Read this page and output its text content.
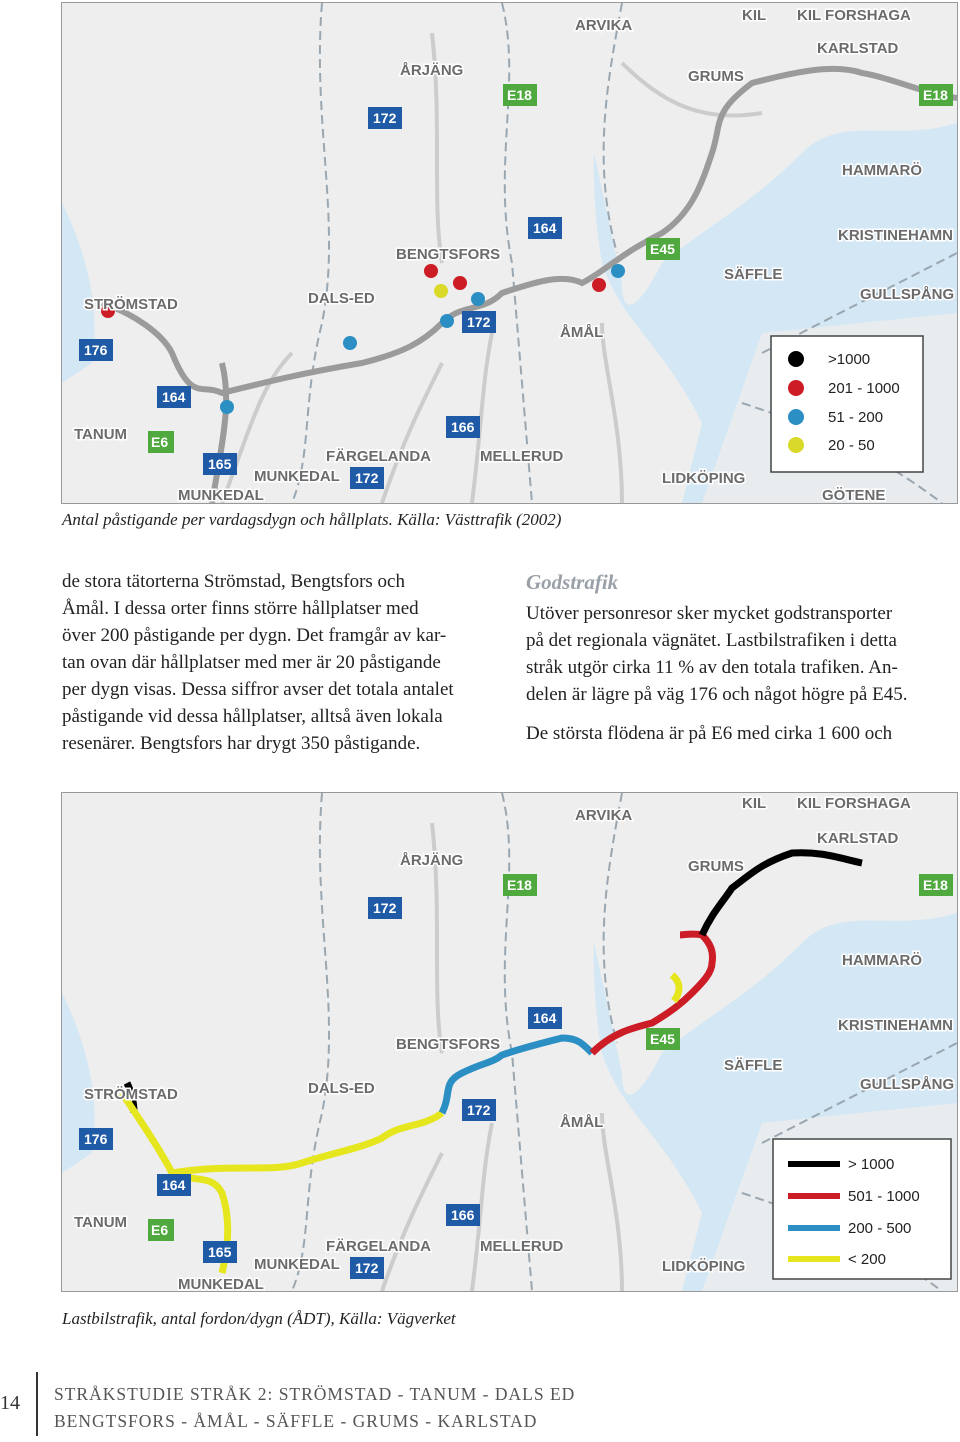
ARVIKA
KIL KIL FORSHAGA
KARLSTAD
ÅRJÄNG	GRUMS
HAMMARÖ
KRISTINEHAMN
BENGTSFORS
SÄFFLE
GULLSPÅNG
STRÖMSTAD	DALS-ED
ÅMÅL
TANUM
FÄRGELANDA	MELLERUD
LIDKÖPING
MUNKEDAL
MUNKEDAL	GÖTENE
E18	E18
172
164
E45
172
176
164
166
E6
165
172
>1000
201 - 1000
51 - 200
20 - 50
Antal påstigande per vardagsdygn och hållplats. Källa: Västtrafik (2002)

de stora tätorterna Strömstad, Bengtsfors och

Åmål. I dessa orter finns större hållplatser med

över 200 påstigande per dygn. Det framgår av kar-

tan ovan där hållplatser med mer är 20 påstigande

per dygn visas. Dessa siffror avser det totala antalet

påstigande vid dessa hållplatser, alltså även lokala

resenärer. Bengtsfors har drygt 350 påstigande.

Godstrafik

Utöver personresor sker mycket godstransporter

på det regionala vägnätet. Lastbilstrafiken i detta

stråk utgör cirka 11 % av den totala trafiken. An-

delen är lägre på väg 176 och något högre på E45.

De största flödena är på E6 med cirka 1 600 och

ARVIKA
KIL KIL FORSHAGA
KARLSTAD
ÅRJÄNG	GRUMS
HAMMARÖ
KRISTINEHAMN
BENGTSFORS
SÄFFLE
GULLSPÅNG
STRÖMSTAD	DALS-ED
ÅMÅL
TANUM
FÄRGELANDA	MELLERUD
LIDKÖPING
MUNKEDAL
MUNKEDAL
E18	E18
172
164
E45
172
176
164
166
E6
165
172
> 1000
501 - 1000
200 - 500
< 200
Lastbilstrafik, antal fordon/dygn (ÅDT), Källa: Vägverket
14 STRÅKSTUDIE STRÅK 2: STRÖMSTAD - TANUM - DALS ED
BENGTSFORS - ÅMÅL - SÄFFLE - GRUMS - KARLSTAD
